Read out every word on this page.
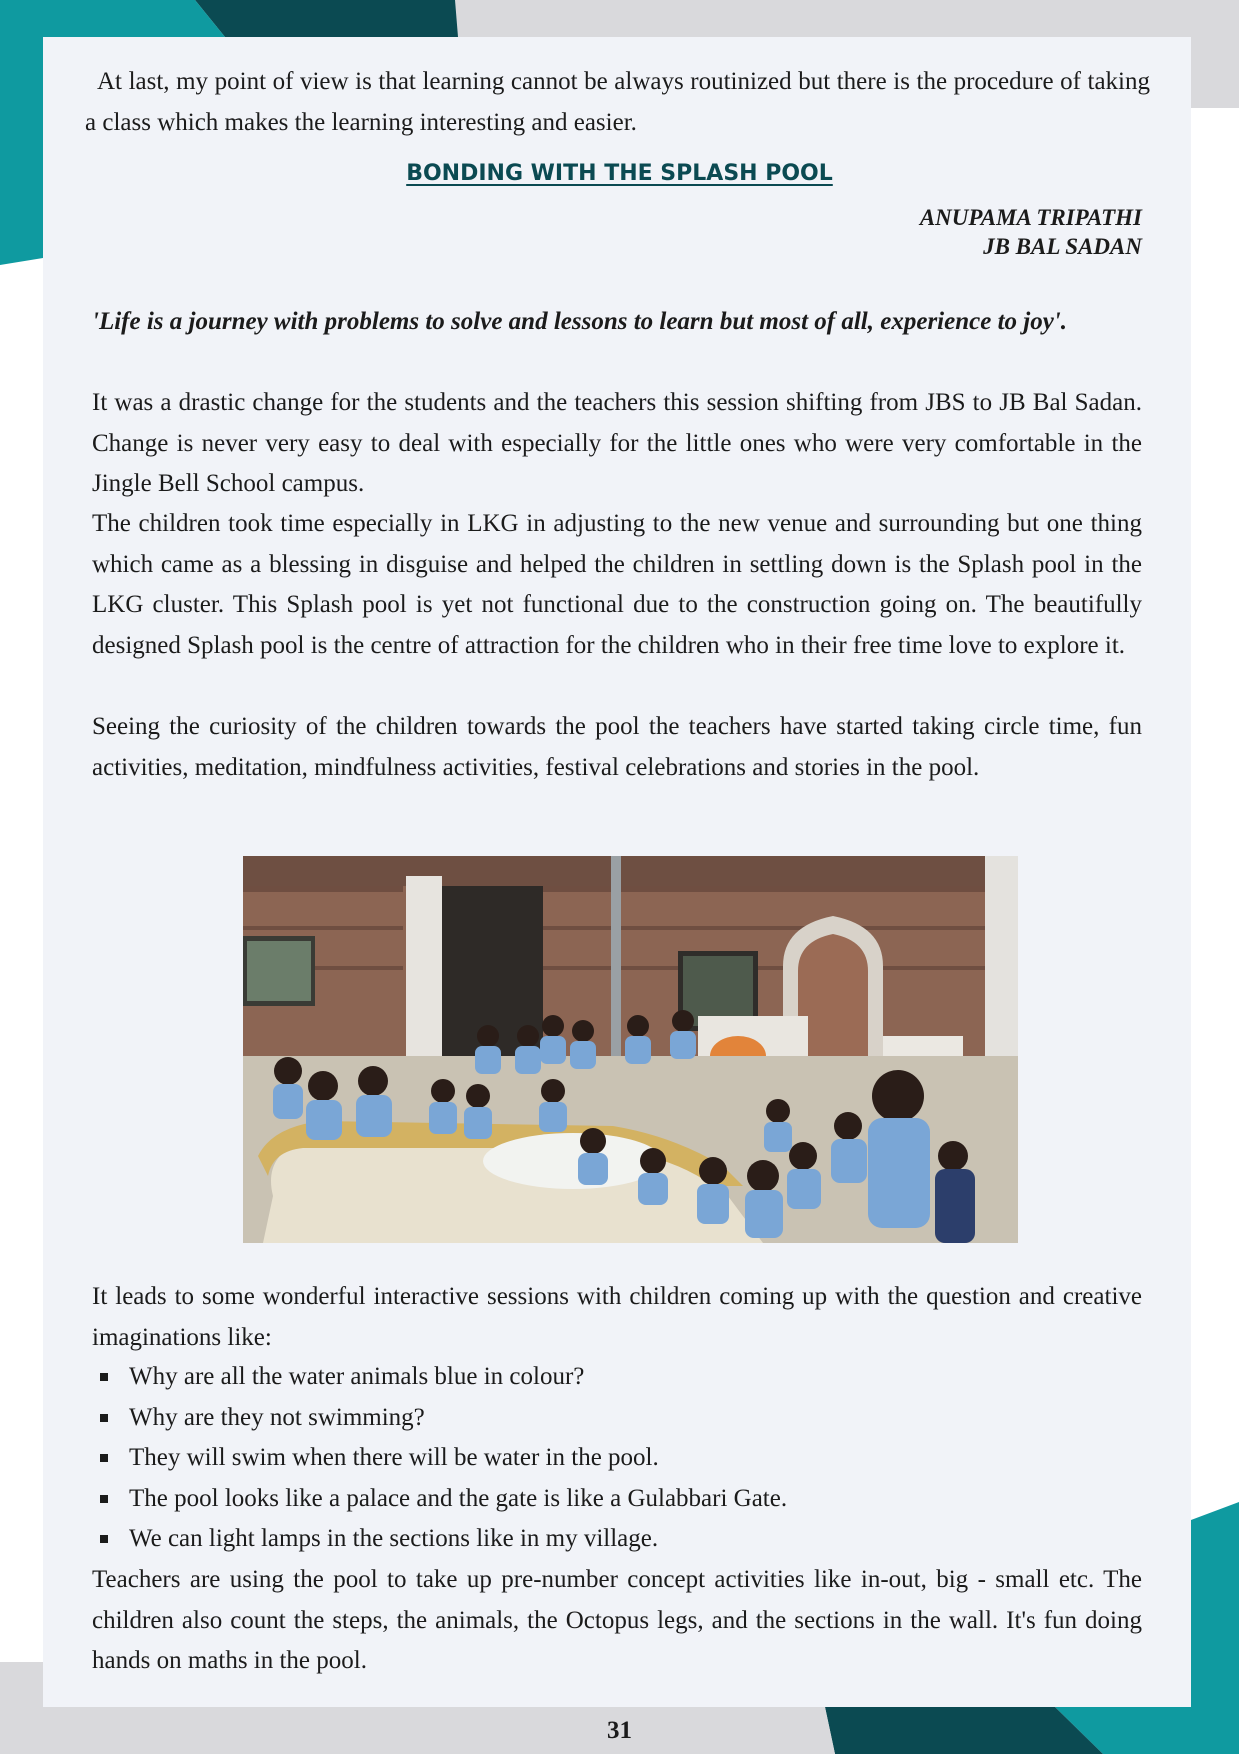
At last, my point of view is that learning cannot be always routinized but there is the procedure of taking a class which makes the learning interesting and easier.

BONDING WITH THE SPLASH POOL

ANUPAMA TRIPATHI

JB BAL SADAN

'Life is a journey with problems to solve and lessons to learn but most of all, experience to joy'.

It was a drastic change for the students and the teachers this session shifting from JBS to JB Bal Sadan. Change is never very easy to deal with especially for the little ones who were very comfortable in the Jingle Bell School campus.

The children took time especially in LKG in adjusting to the new venue and surrounding but one thing which came as a blessing in disguise and helped the children in settling down is the Splash pool in the LKG cluster. This Splash pool is yet not functional due to the construction going on. The beautifully designed Splash pool is the centre of attraction for the children who in their free time love to explore it.

Seeing the curiosity of the children towards the pool the teachers have started taking circle time, fun activities, meditation, mindfulness activities, festival celebrations and stories in the pool.

It leads to some wonderful interactive sessions with children coming up with the question and creative imaginations like:

Why are all the water animals blue in colour?
Why are they not swimming?
They will swim when there will be water in the pool.
The pool looks like a palace and the gate is like a Gulabbari Gate.
We can light lamps in the sections like in my village.

Teachers are using the pool to take up pre-number concept activities like in-out, big - small etc. The children also count the steps, the animals, the Octopus legs, and the sections in the wall. It's fun doing hands on maths in the pool.

31
